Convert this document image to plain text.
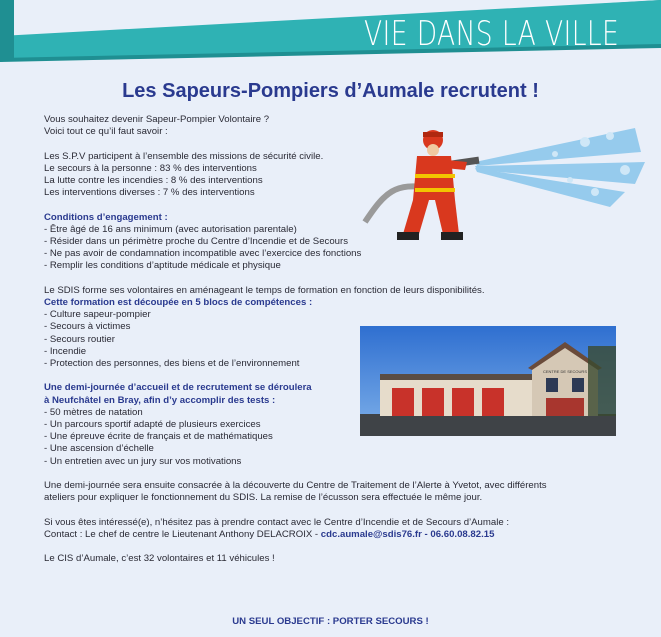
VIE DANS LA VILLE
Les Sapeurs-Pompiers d’Aumale recrutent !
CENTRE DE SECOURS

Vous souhaitez devenir Sapeur-Pompier Volontaire ?

Voici tout ce qu’il faut savoir :

Les S.P.V participent à l’ensemble des missions de sécurité civile.

Le secours à la personne : 83 % des interventions

La lutte contre les incendies : 8 % des interventions

Les interventions diverses : 7 % des interventions

Conditions d’engagement :

- Être âgé de 16 ans minimum (avec autorisation parentale)
- Résider dans un périmètre proche du Centre d’Incendie et de Secours
- Ne pas avoir de condamnation incompatible avec l’exercice des fonctions
- Remplir les conditions d’aptitude médicale et physique

Le SDIS forme ses volontaires en aménageant le temps de formation en fonction de leurs disponibilités.

Cette formation est découpée en 5 blocs de compétences :

- Culture sapeur-pompier
- Secours à victimes
- Secours routier
- Incendie
- Protection des personnes, des biens et de l’environnement

Une demi-journée d’accueil et de recrutement se déroulera

à Neufchâtel en Bray, afin d’y accomplir des tests :

- 50 mètres de natation
- Un parcours sportif adapté de plusieurs exercices
- Une épreuve écrite de français et de mathématiques
- Une ascension d’échelle
- Un entretien avec un jury sur vos motivations

Une demi-journée sera ensuite consacrée à la découverte du Centre de Traitement de l’Alerte à Yvetot, avec différents

ateliers pour expliquer le fonctionnement du SDIS. La remise de l’écusson sera effectuée le même jour.

Si vous êtes intéressé(e), n’hésitez pas à prendre contact avec le Centre d’Incendie et de Secours d’Aumale :

Contact : Le chef de centre le Lieutenant Anthony DELACROIX - cdc.aumale@sdis76.fr - 06.60.08.82.15

Le CIS d’Aumale, c’est 32 volontaires et 11 véhicules !

UN SEUL OBJECTIF : PORTER SECOURS !
